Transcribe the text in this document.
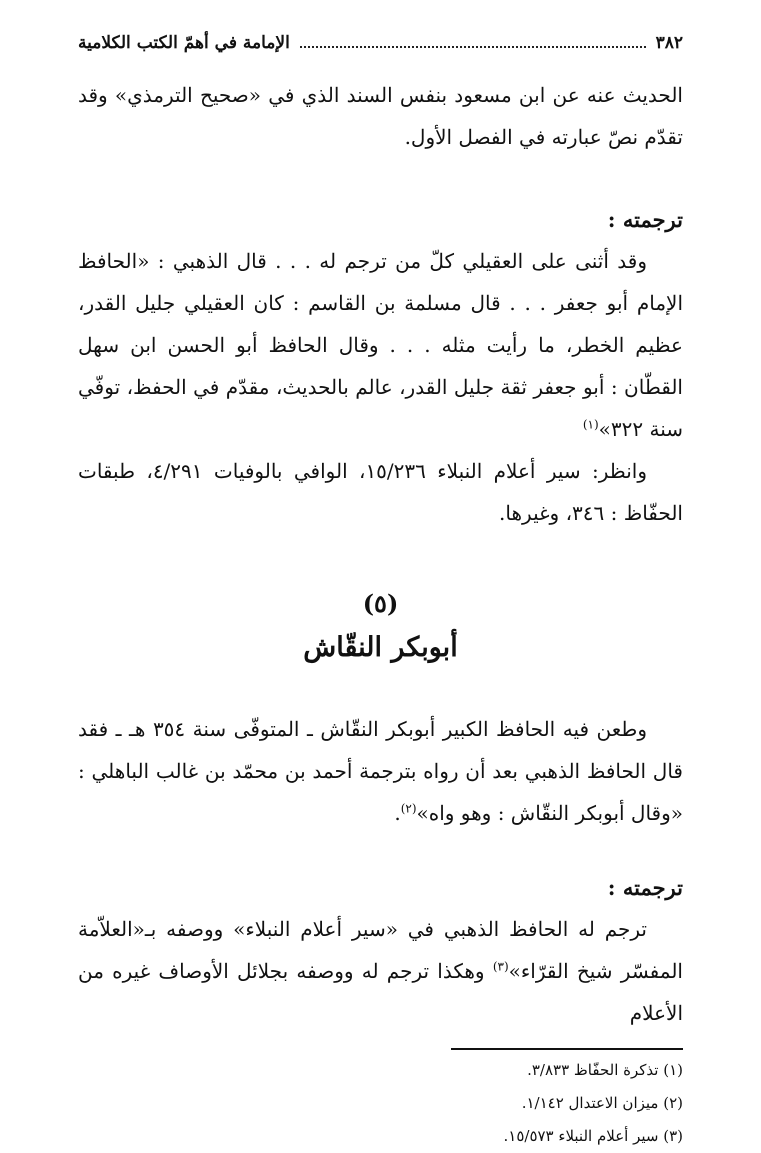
٣٨٢
الإمامة في أهمّ الكتب الكلامية

الحديث عنه عن ابن مسعود بنفس السند الذي في «صحيح الترمذي» وقد تقدّم نصّ عبارته في الفصل الأول.

ترجمته :

وقد أثنى على العقيلي كلّ من ترجم له . . . قال الذهبي : «الحافظ الإمام أبو جعفر . . . قال مسلمة بن القاسم : كان العقيلي جليل القدر، عظيم الخطر، ما رأيت مثله . . . وقال الحافظ أبو الحسن ابن سهل القطّان : أبو جعفر ثقة جليل القدر، عالم بالحديث، مقدّم في الحفظ، توفّي سنة ٣٢٢»$^{(١)}$

وانظر: سير أعلام النبلاء ١٥/٢٣٦، الوافي بالوفيات ٤/٢٩١، طبقات الحفّاظ : ٣٤٦، وغيرها.

(٥)

أبوبكر النقّاش

وطعن فيه الحافظ الكبير أبوبكر النقّاش ـ المتوفّى سنة ٣٥٤ هـ ـ فقد قال الحافظ الذهبي بعد أن رواه بترجمة أحمد بن محمّد بن غالب الباهلي : «وقال أبوبكر النقّاش : وهو واه»$^{(٢)}$.

ترجمته :

ترجم له الحافظ الذهبي في «سير أعلام النبلاء» ووصفه بـ«العلاّمة المفسّر شيخ القرّاء»$^{(٣)}$ وهكذا ترجم له ووصفه بجلائل الأوصاف غيره من الأعلام

(١) تذكرة الحفّاظ ٣/٨٣٣.

(٢) ميزان الاعتدال ١/١٤٢.

(٣) سير أعلام النبلاء ١٥/٥٧٣.
